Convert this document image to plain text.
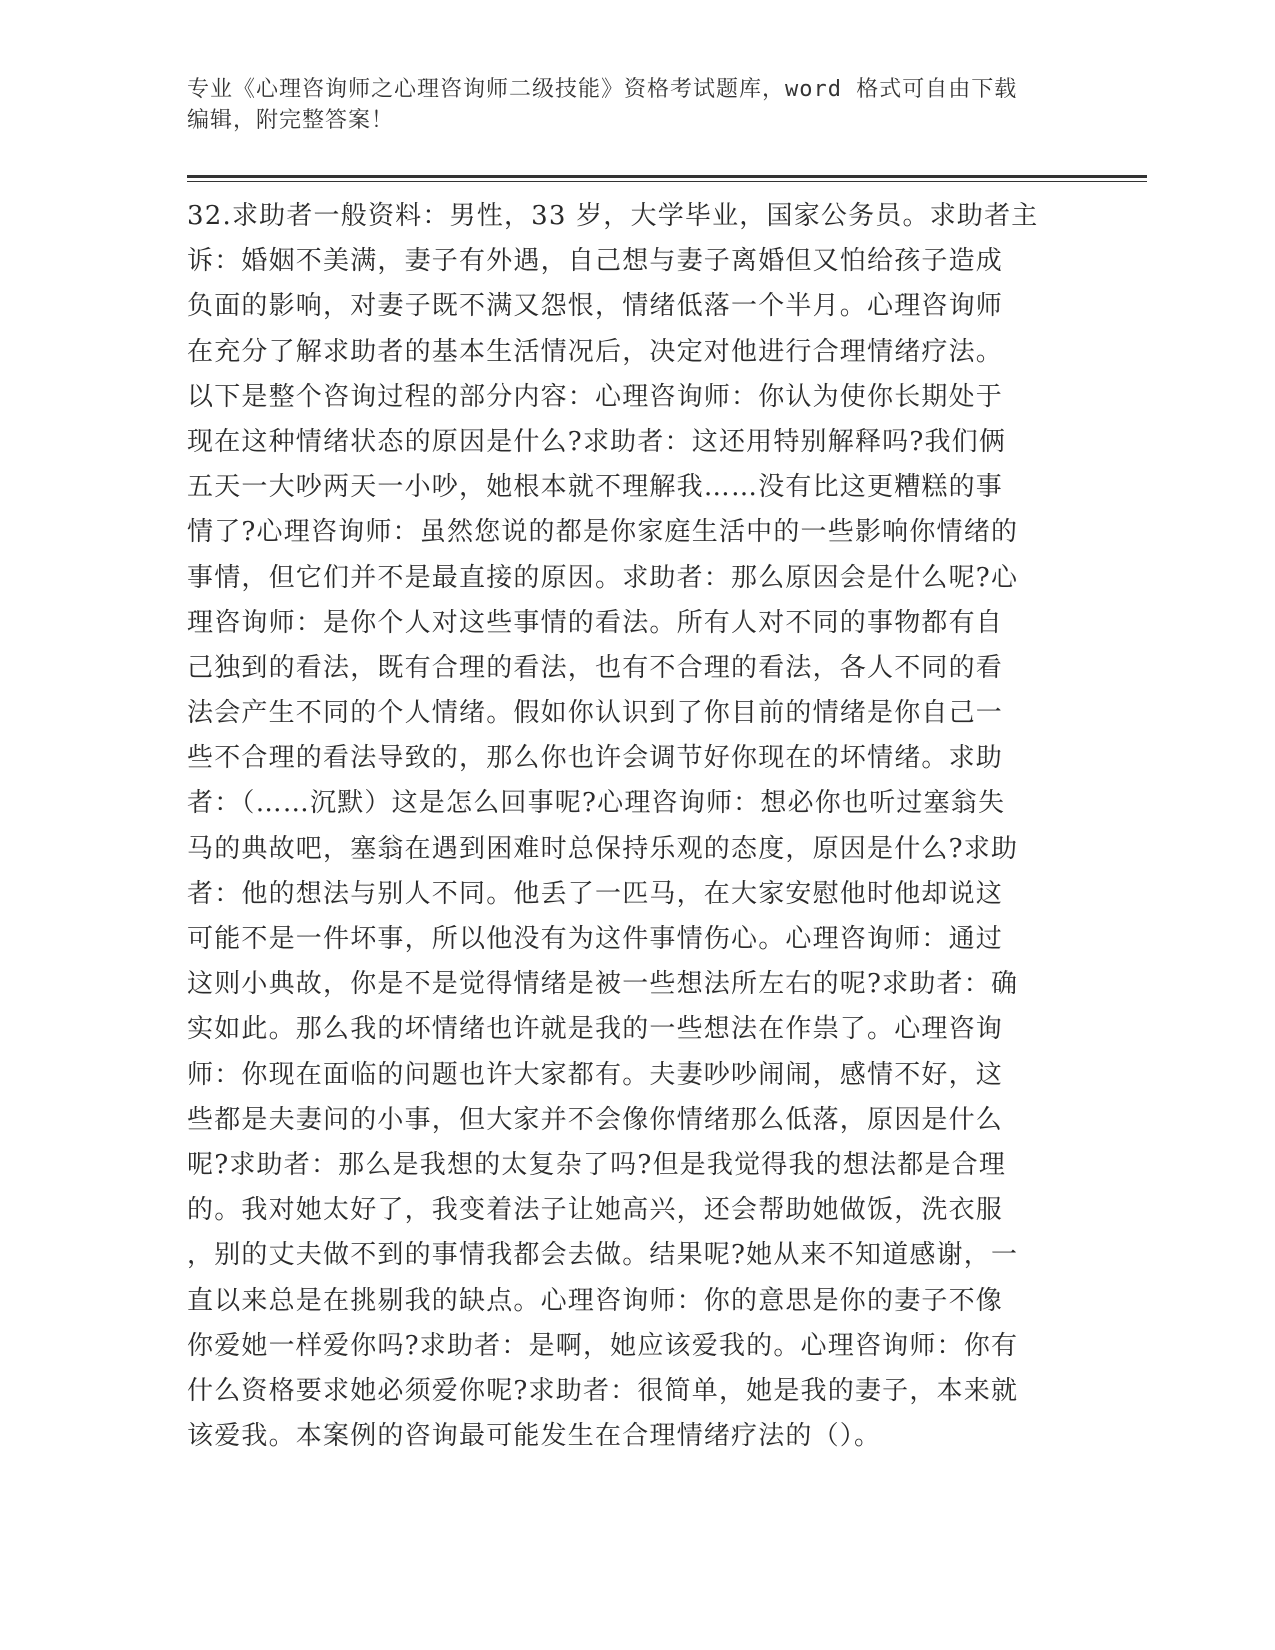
专业《心理咨询师之心理咨询师二级技能》资格考试题库，word 格式可自由下载
编辑，附完整答案！
32.求助者一般资料：男性，33 岁，大学毕业，国家公务员。求助者主
诉：婚姻不美满，妻子有外遇，自己想与妻子离婚但又怕给孩子造成
负面的影响，对妻子既不满又怨恨，情绪低落一个半月。心理咨询师
在充分了解求助者的基本生活情况后，决定对他进行合理情绪疗法。
以下是整个咨询过程的部分内容：心理咨询师：你认为使你长期处于
现在这种情绪状态的原因是什么?求助者：这还用特别解释吗?我们俩
五天一大吵两天一小吵，她根本就不理解我……没有比这更糟糕的事
情了?心理咨询师：虽然您说的都是你家庭生活中的一些影响你情绪的
事情，但它们并不是最直接的原因。求助者：那么原因会是什么呢?心
理咨询师：是你个人对这些事情的看法。所有人对不同的事物都有自
己独到的看法，既有合理的看法，也有不合理的看法，各人不同的看
法会产生不同的个人情绪。假如你认识到了你目前的情绪是你自己一
些不合理的看法导致的，那么你也许会调节好你现在的坏情绪。求助
者：（……沉默）这是怎么回事呢?心理咨询师：想必你也听过塞翁失
马的典故吧，塞翁在遇到困难时总保持乐观的态度，原因是什么?求助
者：他的想法与别人不同。他丢了一匹马，在大家安慰他时他却说这
可能不是一件坏事，所以他没有为这件事情伤心。心理咨询师：通过
这则小典故，你是不是觉得情绪是被一些想法所左右的呢?求助者：确
实如此。那么我的坏情绪也许就是我的一些想法在作祟了。心理咨询
师：你现在面临的问题也许大家都有。夫妻吵吵闹闹，感情不好，这
些都是夫妻问的小事，但大家并不会像你情绪那么低落，原因是什么
呢?求助者：那么是我想的太复杂了吗?但是我觉得我的想法都是合理
的。我对她太好了，我变着法子让她高兴，还会帮助她做饭，洗衣服
，别的丈夫做不到的事情我都会去做。结果呢?她从来不知道感谢，一
直以来总是在挑剔我的缺点。心理咨询师：你的意思是你的妻子不像
你爱她一样爱你吗?求助者：是啊，她应该爱我的。心理咨询师：你有
什么资格要求她必须爱你呢?求助者：很简单，她是我的妻子，本来就
该爱我。本案例的咨询最可能发生在合理情绪疗法的（）。
